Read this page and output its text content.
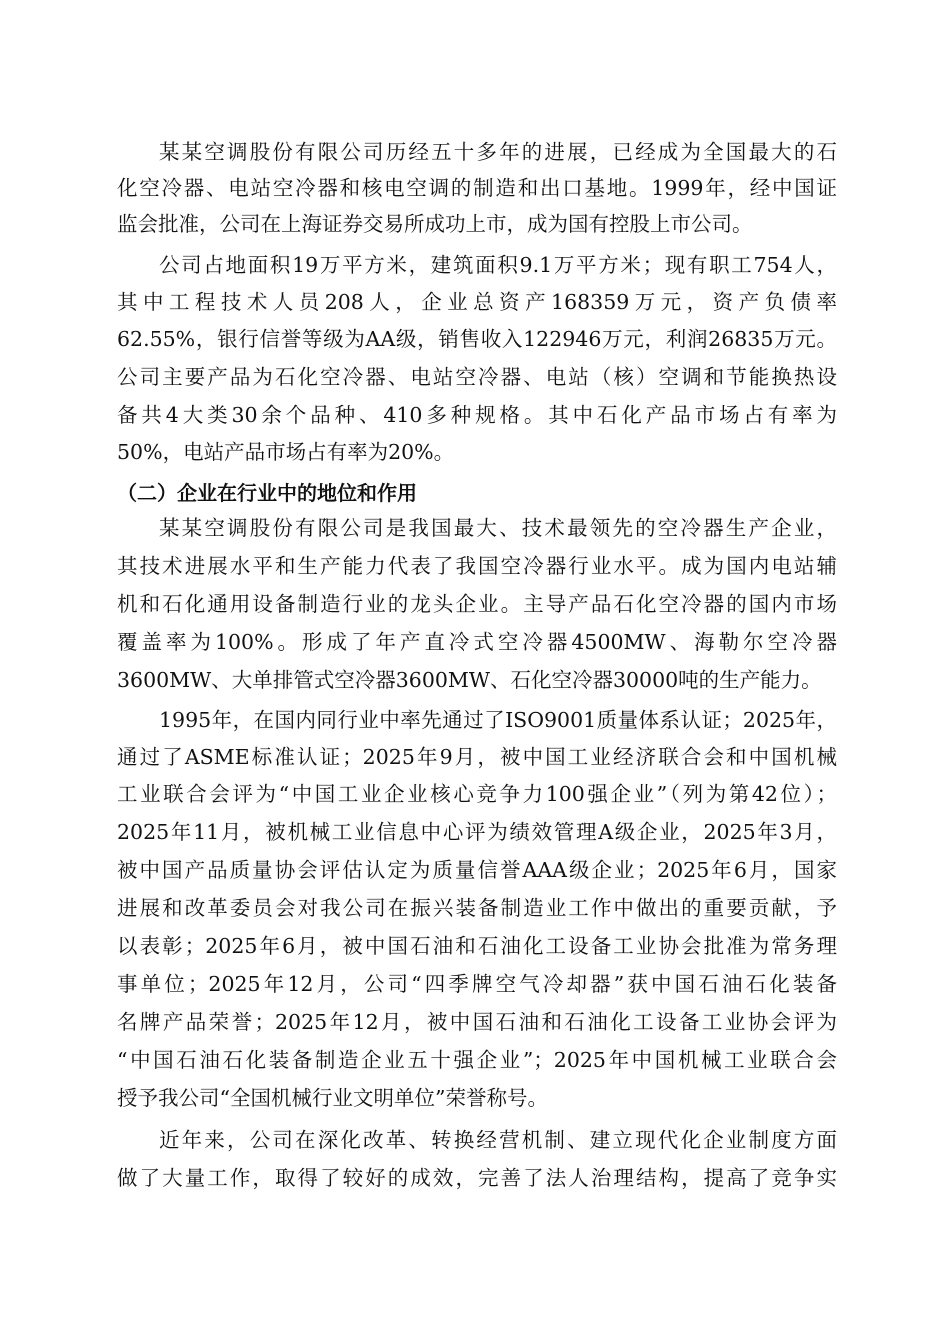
某某空调股份有限公司历经五十多年的进展，已经成为全国最大的石
化空冷器、电站空冷器和核电空调的制造和出口基地。1999年，经中国证
监会批准，公司在上海证券交易所成功上市，成为国有控股上市公司。
公司占地面积19万平方米，建筑面积9.1万平方米；现有职工754人，
其中工程技术人员208人，企业总资产168359万元，资产负债率
62.55%，银行信誉等级为AA级，销售收入122946万元，利润26835万元。
公司主要产品为石化空冷器、电站空冷器、电站（核）空调和节能换热设
备共4大类30余个品种、410多种规格。其中石化产品市场占有率为
50%，电站产品市场占有率为20%。
（二）企业在行业中的地位和作用
某某空调股份有限公司是我国最大、技术最领先的空冷器生产企业，
其技术进展水平和生产能力代表了我国空冷器行业水平。成为国内电站辅
机和石化通用设备制造行业的龙头企业。主导产品石化空冷器的国内市场
覆盖率为100%。形成了年产直冷式空冷器4500MW、海勒尔空冷器
3600MW、大单排管式空冷器3600MW、石化空冷器30000吨的生产能力。
1995年，在国内同行业中率先通过了ISO9001质量体系认证；2025年，
通过了ASME标准认证；2025年9月，被中国工业经济联合会和中国机械
工业联合会评为“中国工业企业核心竞争力100强企业”（列为第42位）；
2025年11月，被机械工业信息中心评为绩效管理A级企业，2025年3月，
被中国产品质量协会评估认定为质量信誉AAA级企业；2025年6月，国家
进展和改革委员会对我公司在振兴装备制造业工作中做出的重要贡献，予
以表彰；2025年6月，被中国石油和石油化工设备工业协会批准为常务理
事单位；2025年12月，公司“四季牌空气冷却器”获中国石油石化装备
名牌产品荣誉；2025年12月，被中国石油和石油化工设备工业协会评为
“中国石油石化装备制造企业五十强企业”；2025年中国机械工业联合会
授予我公司“全国机械行业文明单位”荣誉称号。
近年来，公司在深化改革、转换经营机制、建立现代化企业制度方面
做了大量工作，取得了较好的成效，完善了法人治理结构，提高了竞争实
